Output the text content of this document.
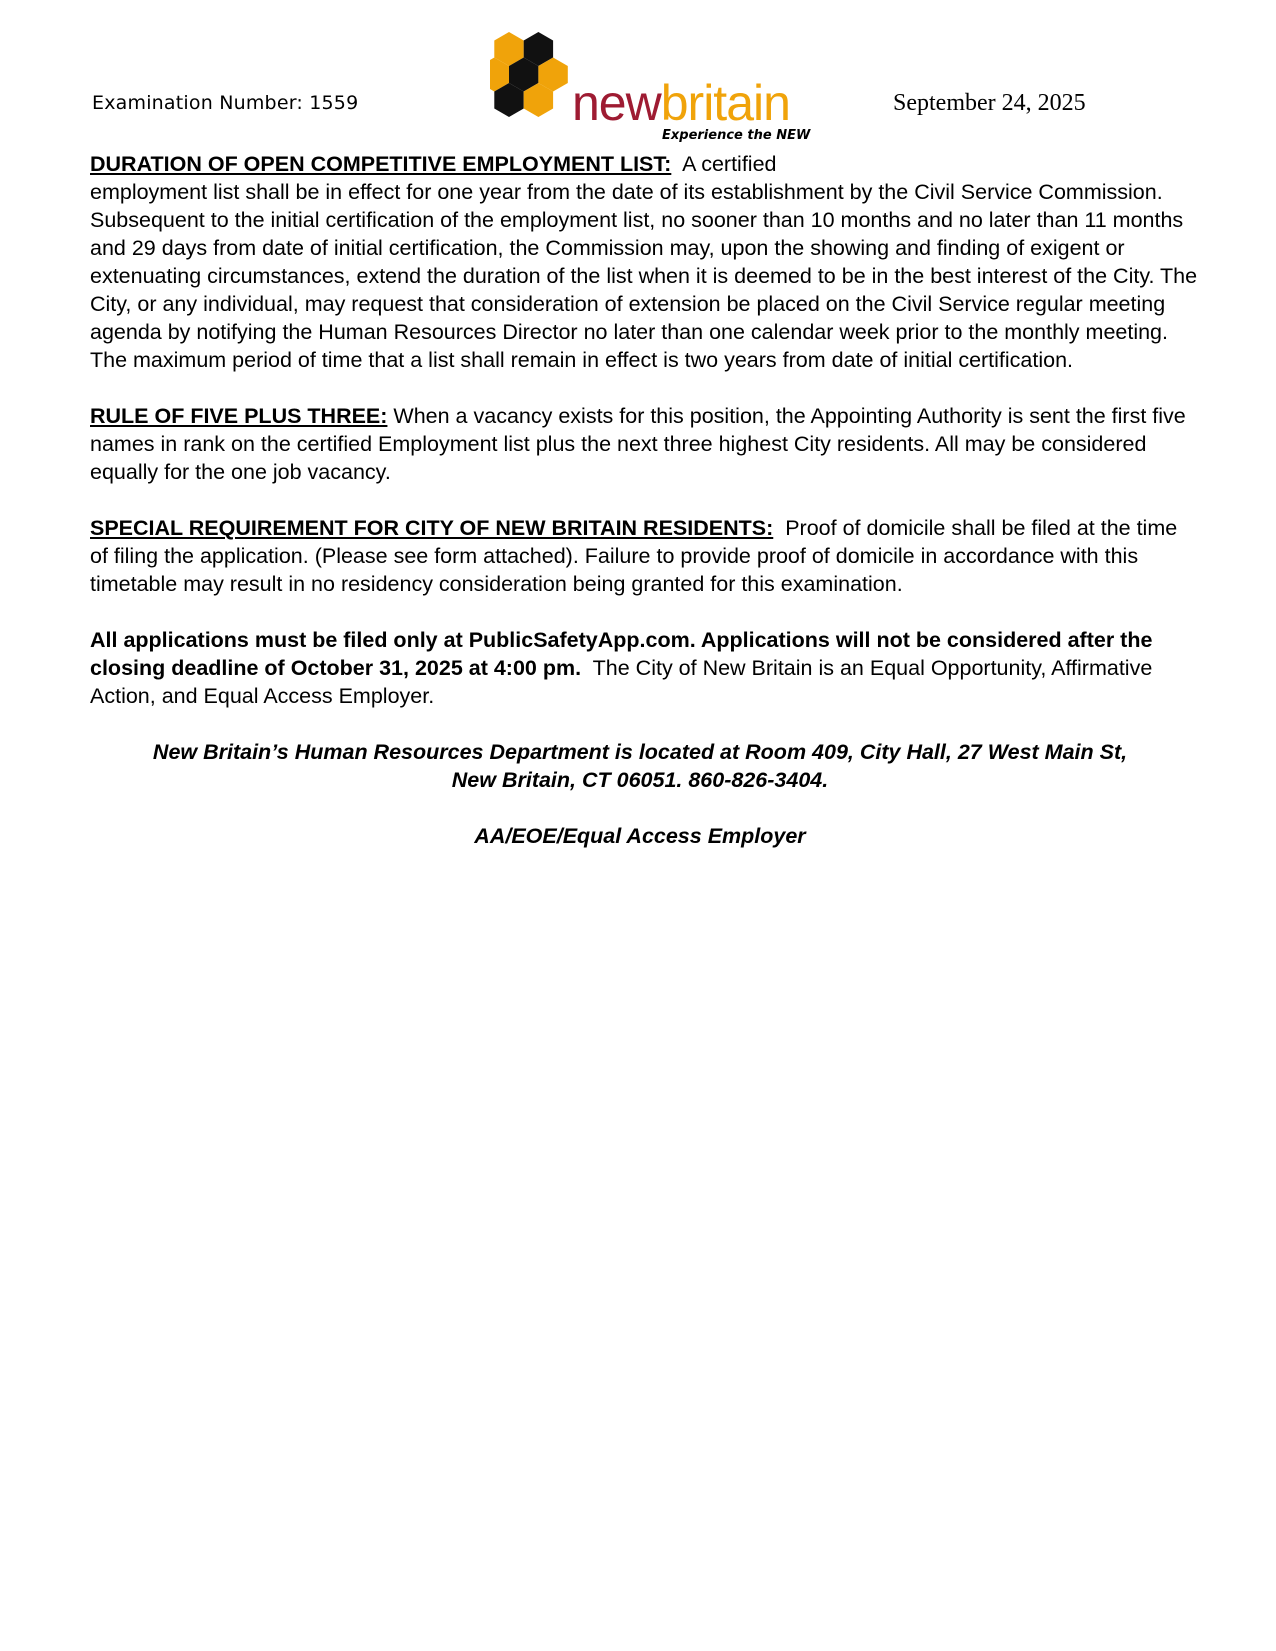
Examination Number: 1559	newbritain
Experience the NEW
September 24, 2025

DURATION OF OPEN COMPETITIVE EMPLOYMENT LIST: A certified
employment list shall be in effect for one year from the date of its establishment by the Civil Service Commission. Subsequent to the initial certification of the employment list, no sooner than 10 months and no later than 11 months and 29 days from date of initial certification, the Commission may, upon the showing and finding of exigent or extenuating circumstances, extend the duration of the list when it is deemed to be in the best interest of the City. The City, or any individual, may request that consideration of extension be placed on the Civil Service regular meeting agenda by notifying the Human Resources Director no later than one calendar week prior to the monthly meeting. The maximum period of time that a list shall remain in effect is two years from date of initial certification.

RULE OF FIVE PLUS THREE: When a vacancy exists for this position, the Appointing Authority is sent the first five names in rank on the certified Employment list plus the next three highest City residents. All may be considered equally for the one job vacancy.

SPECIAL REQUIREMENT FOR CITY OF NEW BRITAIN RESIDENTS: Proof of domicile shall be filed at the time of filing the application. (Please see form attached). Failure to provide proof of domicile in accordance with this timetable may result in no residency consideration being granted for this examination.

All applications must be filed only at PublicSafetyApp.com. Applications will not be considered after the closing deadline of October 31, 2025 at 4:00 pm. The City of New Britain is an Equal Opportunity, Affirmative Action, and Equal Access Employer.

New Britain’s Human Resources Department is located at Room 409, City Hall, 27 West Main St,
New Britain, CT 06051. 860-826-3404.

AA/EOE/Equal Access Employer
